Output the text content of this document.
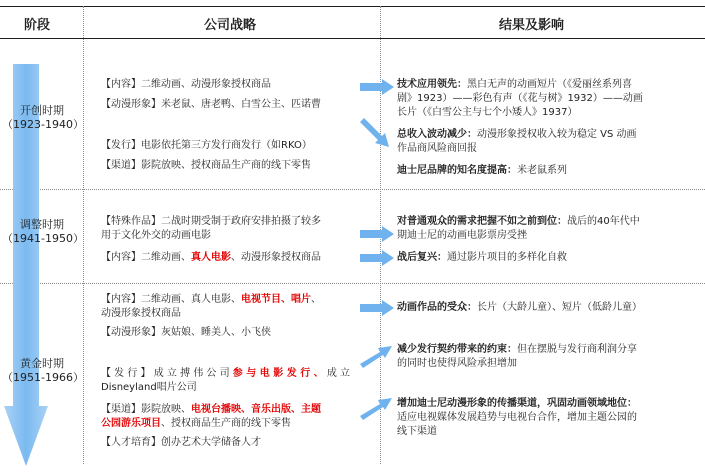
阶段	公司战略	结果及影响
开创时期
（1923-1940）
调整时期
（1941-1950）
黄金时期
（1951-1966）
【内容】二维动画、动漫形象授权商品
【动漫形象】米老鼠、唐老鸭、白雪公主、匹诺曹
【发行】电影依托第三方发行商发行（如RKO）
【渠道】影院放映、授权商品生产商的线下零售
【特殊作品】二战时期受制于政府安排拍摄了较多
用于文化外交的动画电影
【内容】二维动画、真人电影、动漫形象授权商品
【内容】二维动画、真人电影、电视节目、唱片、
动漫形象授权商品
【动漫形象】灰姑娘、睡美人、小飞侠
【 发 行 】 成 立 搏 伟 公 司 参 与 电 影 发 行 、 成 立
Disneyland唱片公司
【渠道】影院放映、电视台播映、音乐出版、主题
公园游乐项目、授权商品生产商的线下零售
【人才培育】创办艺术大学储备人才
技术应用领先：黑白无声的动画短片（《爱丽丝系列喜
剧》1923）——彩色有声（《花与树》1932）——动画
长片（《白雪公主与七个小矮人》1937）
总收入波动减少：动漫形象授权收入较为稳定 VS 动画
作品商风险商回报
迪士尼品牌的知名度提高：米老鼠系列
对普通观众的需求把握不如之前到位：战后的40年代中
期迪士尼的动画电影票房受挫
战后复兴：通过影片项目的多样化自救
动画作品的受众：长片（大龄儿童）、短片（低龄儿童）
减少发行契约带来的约束：但在摆脱与发行商利润分享
的同时也使得风险承担增加
增加迪士尼动漫形象的传播渠道，巩固动画领域地位：
适应电视媒体发展趋势与电视台合作，增加主题公园的
线下渠道
